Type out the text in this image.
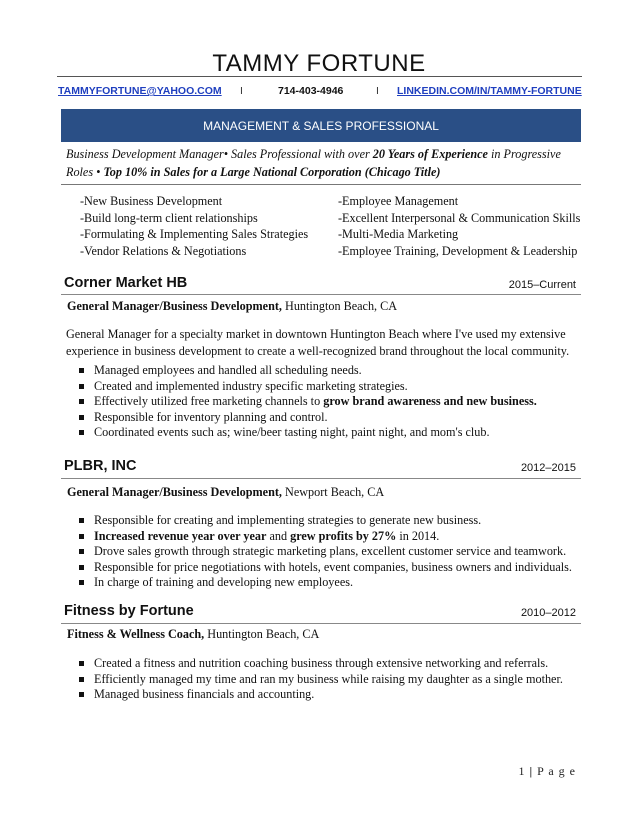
TAMMY FORTUNE
TAMMYFORTUNE@YAHOO.COM I	714-403-4946	I LINKEDIN.COM/IN/TAMMY-FORTUNE
MANAGEMENT & SALES PROFESSIONAL
Business Development Manager• Sales Professional with over 20 Years of Experience in Progressive Roles • Top 10% in Sales for a Large National Corporation (Chicago Title)
-New Business Development
-Build long-term client relationships
-Formulating & Implementing Sales Strategies
-Vendor Relations & Negotiations
-Employee Management
-Excellent Interpersonal & Communication Skills
-Multi-Media Marketing
-Employee Training, Development & Leadership
Corner Market HB	2015–Current
General Manager/Business Development, Huntington Beach, CA
General Manager for a specialty market in downtown Huntington Beach where I've used my extensive experience in business development to create a well-recognized brand throughout the local community.
Managed employees and handled all scheduling needs.
Created and implemented industry specific marketing strategies.
Effectively utilized free marketing channels to grow brand awareness and new business.
Responsible for inventory planning and control.
Coordinated events such as; wine/beer tasting night, paint night, and mom's club.
PLBR, INC	2012–2015
General Manager/Business Development, Newport Beach, CA
Responsible for creating and implementing strategies to generate new business.
Increased revenue year over year and grew profits by 27% in 2014.
Drove sales growth through strategic marketing plans, excellent customer service and teamwork.
Responsible for price negotiations with hotels, event companies, business owners and individuals.
In charge of training and developing new employees.
Fitness by Fortune	2010–2012
Fitness & Wellness Coach, Huntington Beach, CA
Created a fitness and nutrition coaching business through extensive networking and referrals.
Efficiently managed my time and ran my business while raising my daughter as a single mother.
Managed business financials and accounting.
1 | P a g e
